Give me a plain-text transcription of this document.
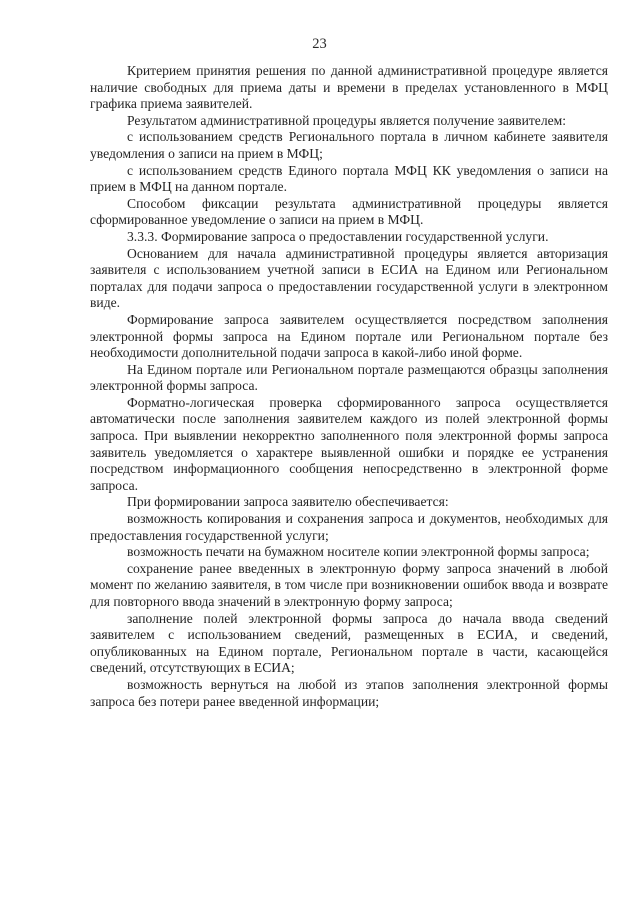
23

Критерием принятия решения по данной административной процедуре является наличие свободных для приема даты и времени в пределах установленного в МФЦ графика приема заявителей.

Результатом административной процедуры является получение заявителем:

с использованием средств Регионального портала в личном кабинете заявителя уведомления о записи на прием в МФЦ;

с использованием средств Единого портала МФЦ КК уведомления о записи на прием в МФЦ на данном портале.

Способом фиксации результата административной процедуры является сформированное уведомление о записи на прием в МФЦ.

3.3.3. Формирование запроса о предоставлении государственной услуги.

Основанием для начала административной процедуры является авторизация заявителя с использованием учетной записи в ЕСИА на Едином или Региональном порталах для подачи запроса о предоставлении государственной услуги в электронном виде.

Формирование запроса заявителем осуществляется посредством заполнения электронной формы запроса на Едином портале или Региональном портале без необходимости дополнительной подачи запроса в какой-либо иной форме.

На Едином портале или Региональном портале размещаются образцы заполнения электронной формы запроса.

Форматно-логическая проверка сформированного запроса осуществляется автоматически после заполнения заявителем каждого из полей электронной формы запроса. При выявлении некорректно заполненного поля электронной формы запроса заявитель уведомляется о характере выявленной ошибки и порядке ее устранения посредством информационного сообщения непосредственно в электронной форме запроса.

При формировании запроса заявителю обеспечивается:

возможность копирования и сохранения запроса и документов, необходимых для предоставления государственной услуги;

возможность печати на бумажном носителе копии электронной формы запроса;

сохранение ранее введенных в электронную форму запроса значений в любой момент по желанию заявителя, в том числе при возникновении ошибок ввода и возврате для повторного ввода значений в электронную форму запроса;

заполнение полей электронной формы запроса до начала ввода сведений заявителем с использованием сведений, размещенных в ЕСИА, и сведений, опубликованных на Едином портале, Региональном портале в части, касающейся сведений, отсутствующих в ЕСИА;

возможность вернуться на любой из этапов заполнения электронной формы запроса без потери ранее введенной информации;
